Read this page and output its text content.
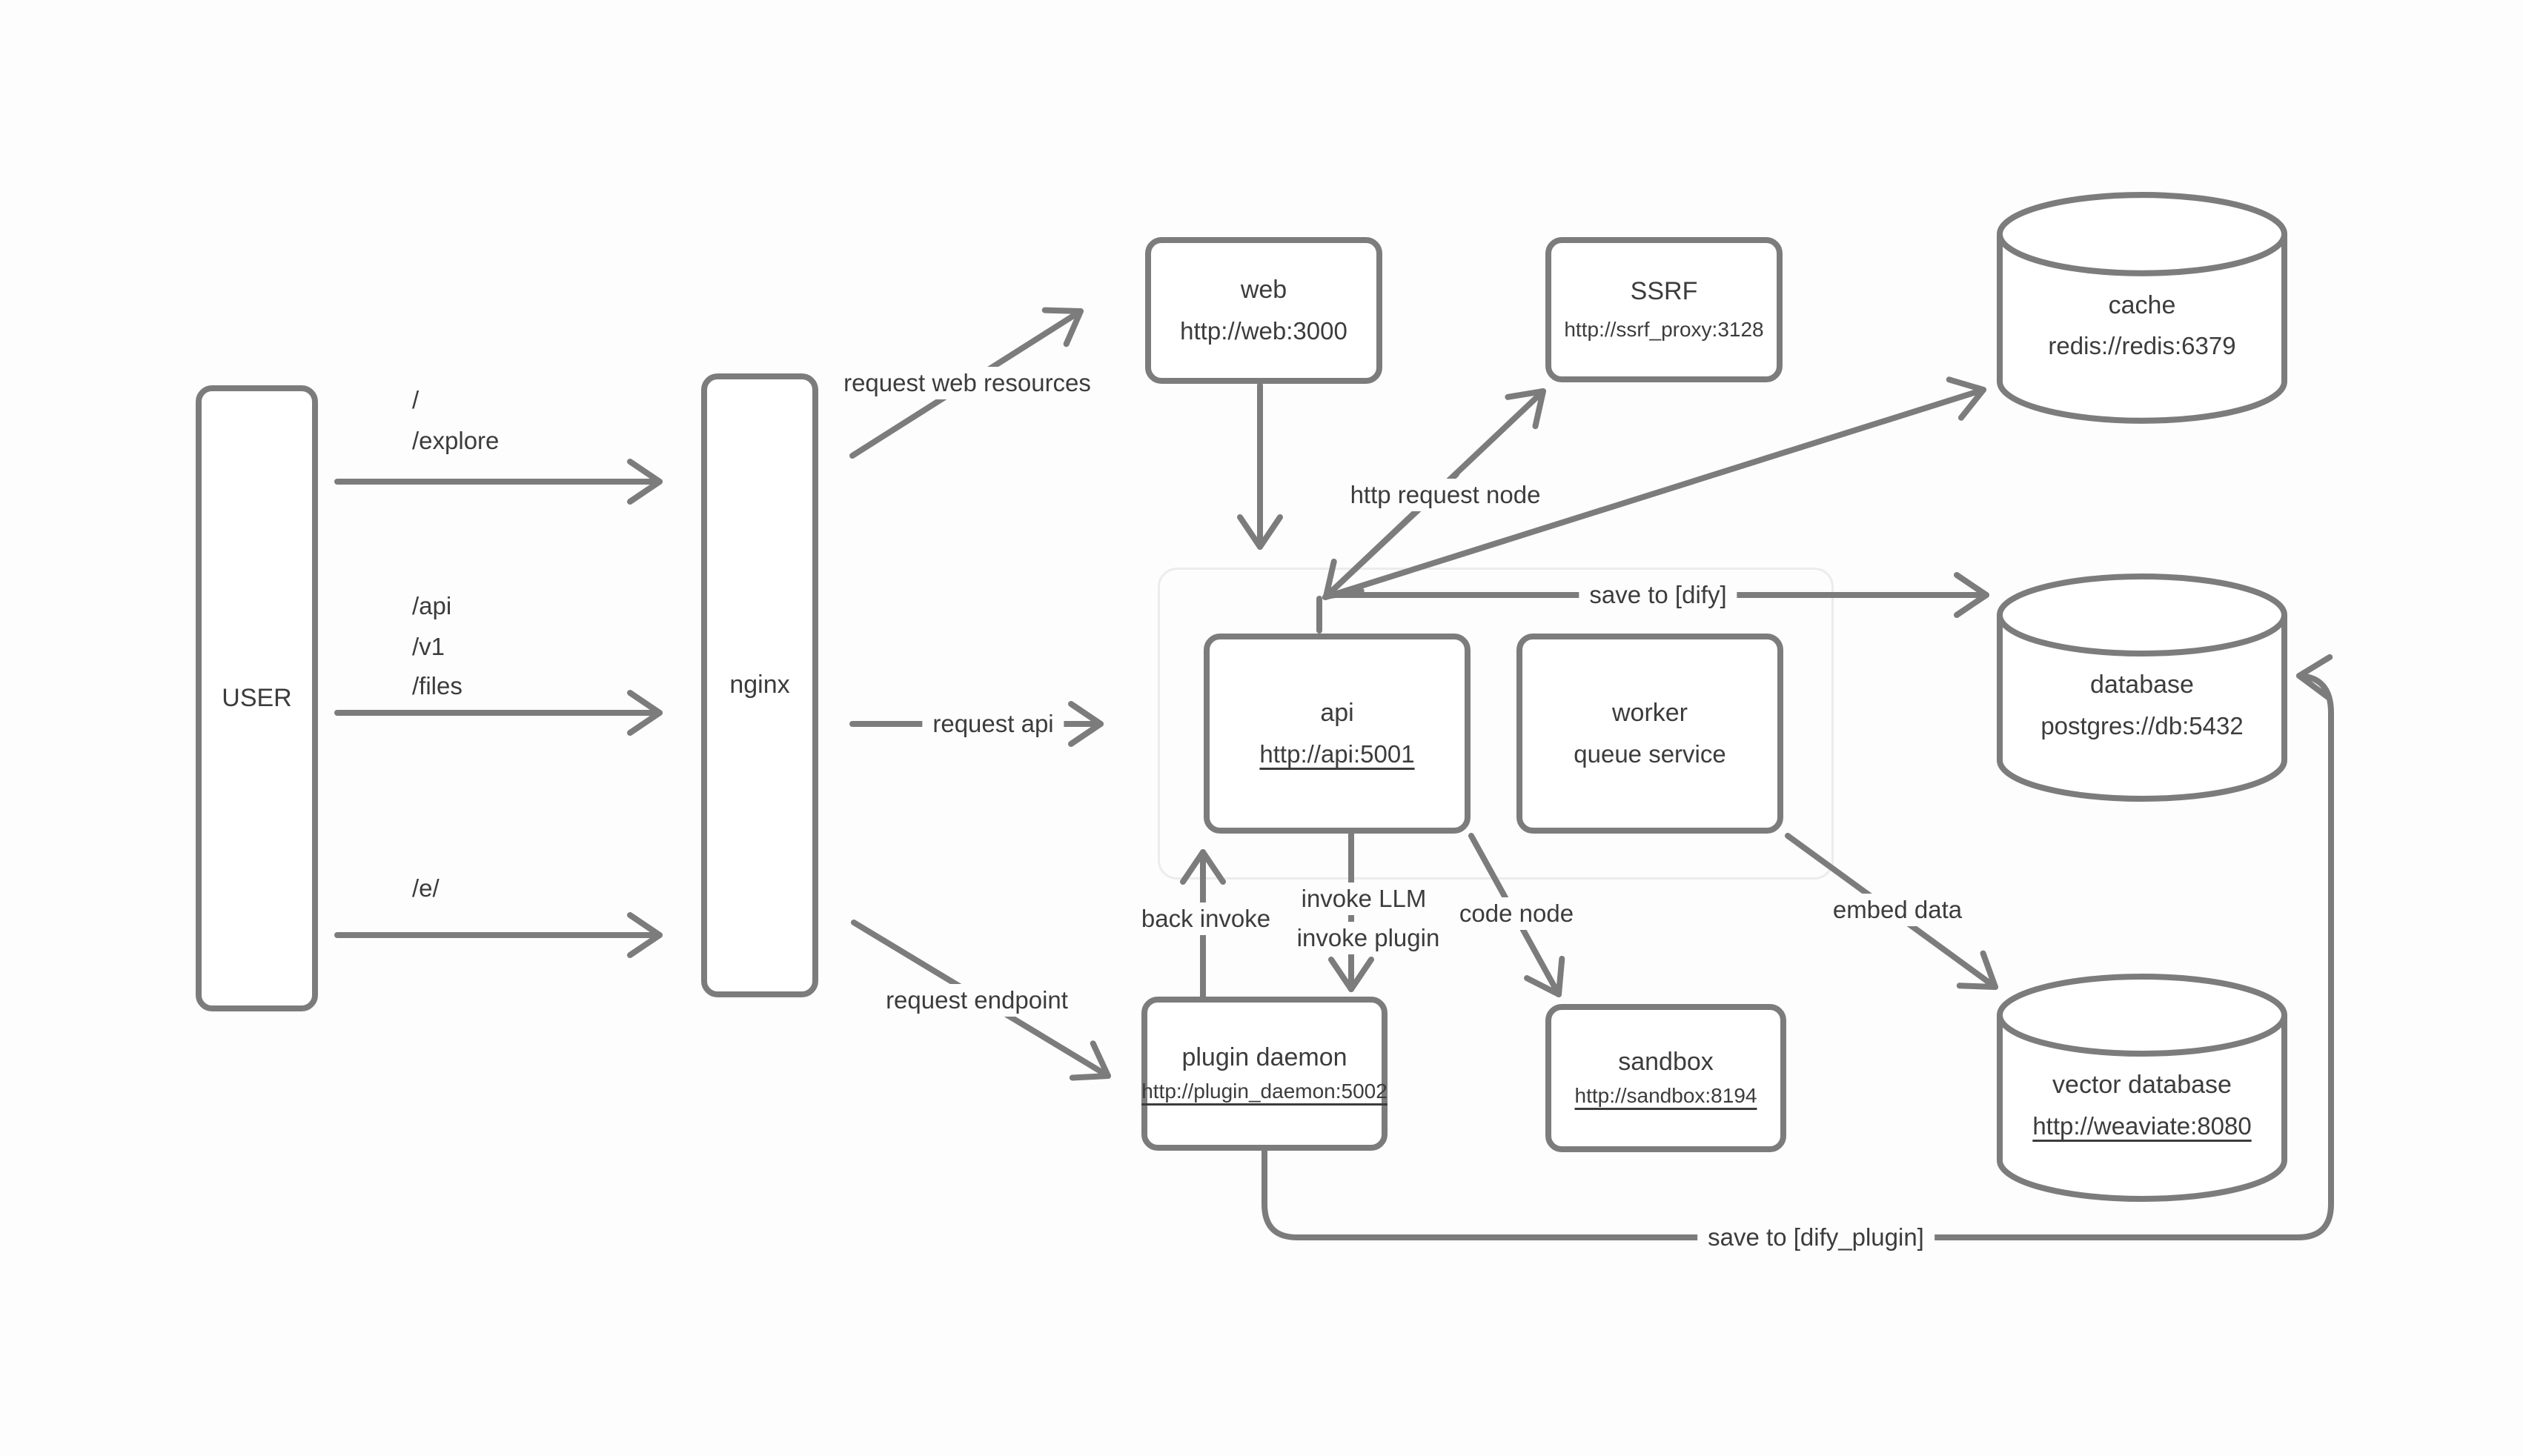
USER	nginx
web
http://web:3000
SSRF
http://ssrf_proxy:3128
api
http://api:5001
worker
queue service
plugin daemon
http://plugin_daemon:5002
sandbox
http://sandbox:8194
cache
redis://redis:6379
database
postgres://db:5432
vector database
http://weaviate:8080
/
/explore
/api
/v1
/files
/e/
request web resources
request api
request endpoint
http request node
save to [dify]
back invoke
invoke LLM
invoke plugin
code node	embed data
save to [dify_plugin]
